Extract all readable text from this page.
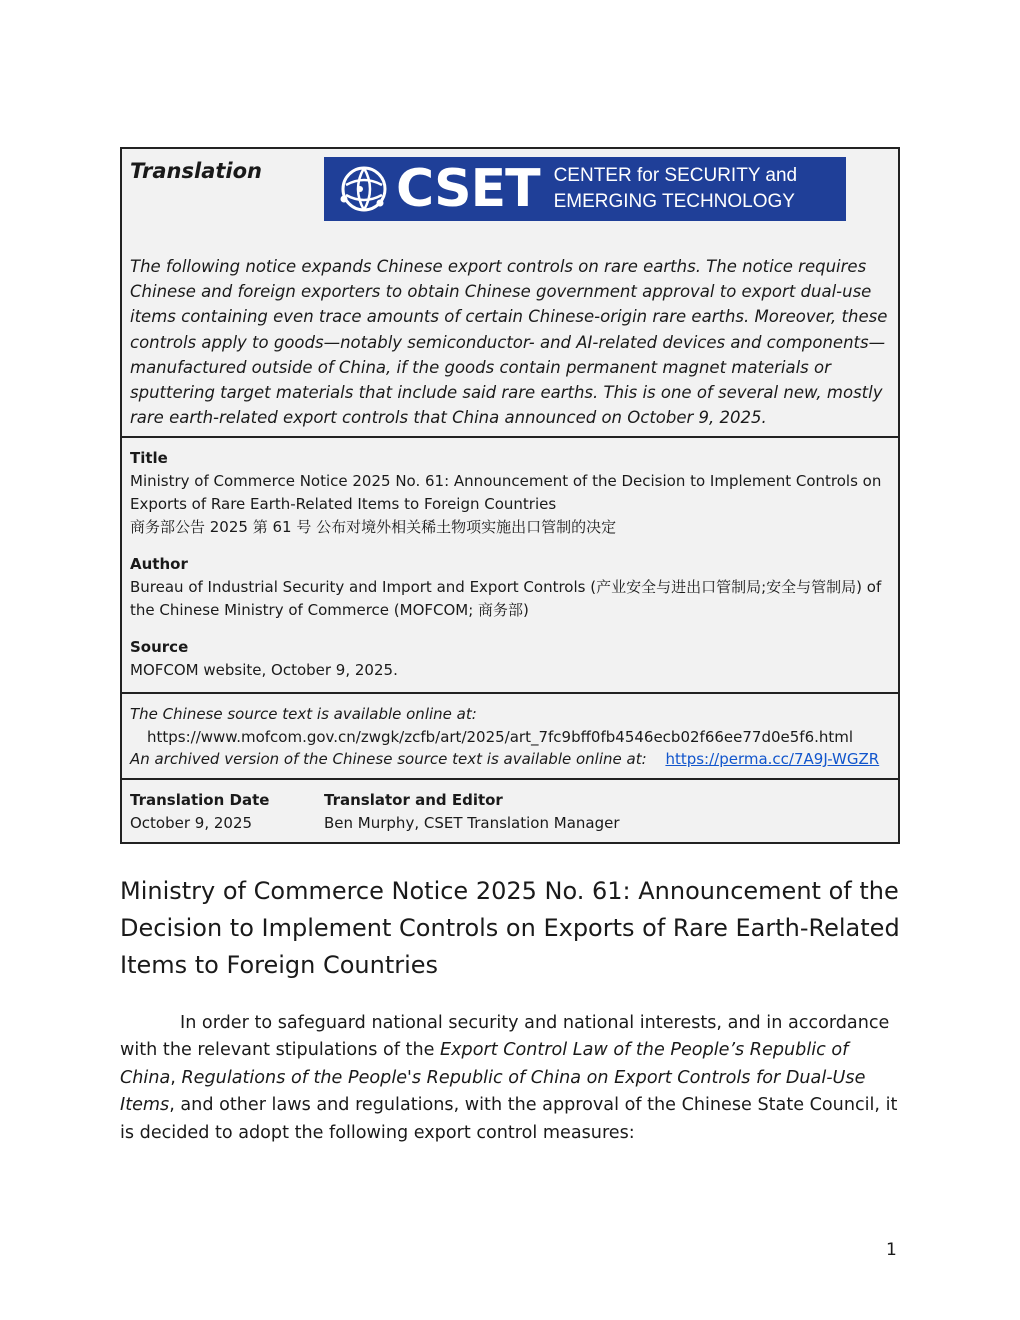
Translation	CSET CENTER for SECURITY and
EMERGING TECHNOLOGY

The following notice expands Chinese export controls on rare earths. The notice requires Chinese and foreign exporters to obtain Chinese government approval to export dual-use items containing even trace amounts of certain Chinese-origin rare earths. Moreover, these controls apply to goods—notably semiconductor- and AI-related devices and components—manufactured outside of China, if the goods contain permanent magnet materials or sputtering target materials that include said rare earths. This is one of several new, mostly rare earth-related export controls that China announced on October 9, 2025.

Title
Ministry of Commerce Notice 2025 No. 61: Announcement of the Decision to Implement Controls on Exports of Rare Earth-Related Items to Foreign Countries
商务部公告 2025 第 61 号 公布对境外相关稀土物项实施出口管制的决定
Author
Bureau of Industrial Security and Import and Export Controls (产业安全与进出口管制局;安全与管制局) of the Chinese Ministry of Commerce (MOFCOM; 商务部)
Source
MOFCOM website, October 9, 2025.
The Chinese source text is available online at:
https://www.mofcom.gov.cn/zwgk/zcfb/art/2025/art_7fc9bff0fb4546ecb02f66ee77d0e5f6.html
An archived version of the Chinese source text is available online at: https://perma.cc/7A9J-WGZR
Translation Date
October 9, 2025
Translator and Editor
Ben Murphy, CSET Translation Manager
Ministry of Commerce Notice 2025 No. 61: Announcement of the Decision to Implement Controls on Exports of Rare Earth-Related Items to Foreign Countries

In order to safeguard national security and national interests, and in accordance with the relevant stipulations of the Export Control Law of the People’s Republic of China, Regulations of the People's Republic of China on Export Controls for Dual-Use Items, and other laws and regulations, with the approval of the Chinese State Council, it is decided to adopt the following export control measures:

1
